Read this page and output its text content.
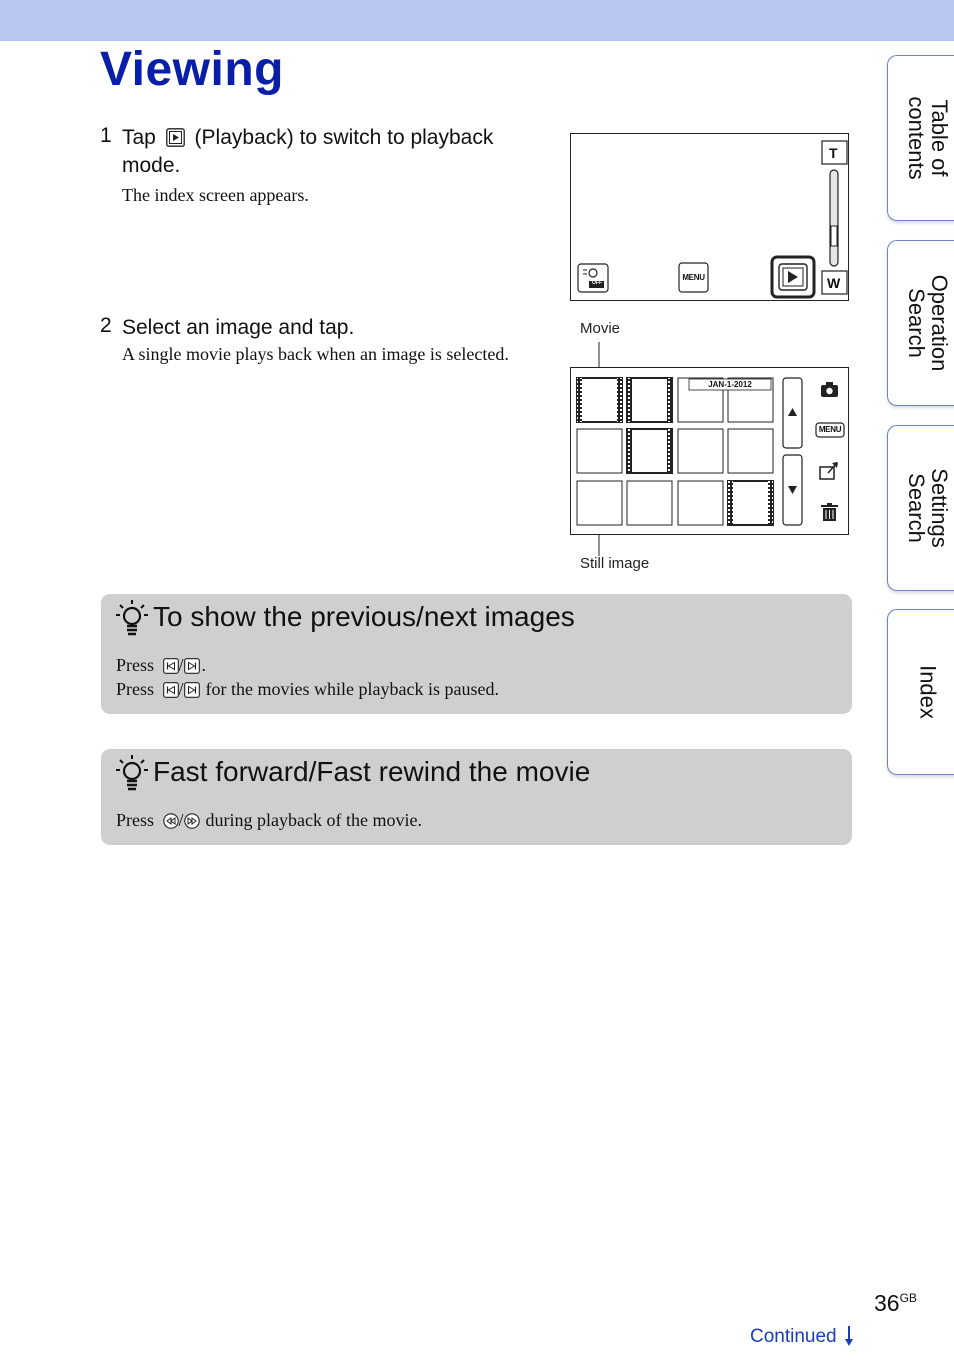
Viewing
1 Tap (Playback) to switch to playback
mode.
The index screen appears.
T
W
MENU
OFF
2 Select an image and tap.
A single movie plays back when an image is selected.
Movie
Still image
JAN-1-2012
MENU
To show the previous/next images
Press / .
Press / for the movies while playback is paused.
Fast forward/Fast rewind the movie
Press / during playback of the movie.
Table of
contents
Operation
Search
Settings
Search
Index
$36^{GB}$
Continued
